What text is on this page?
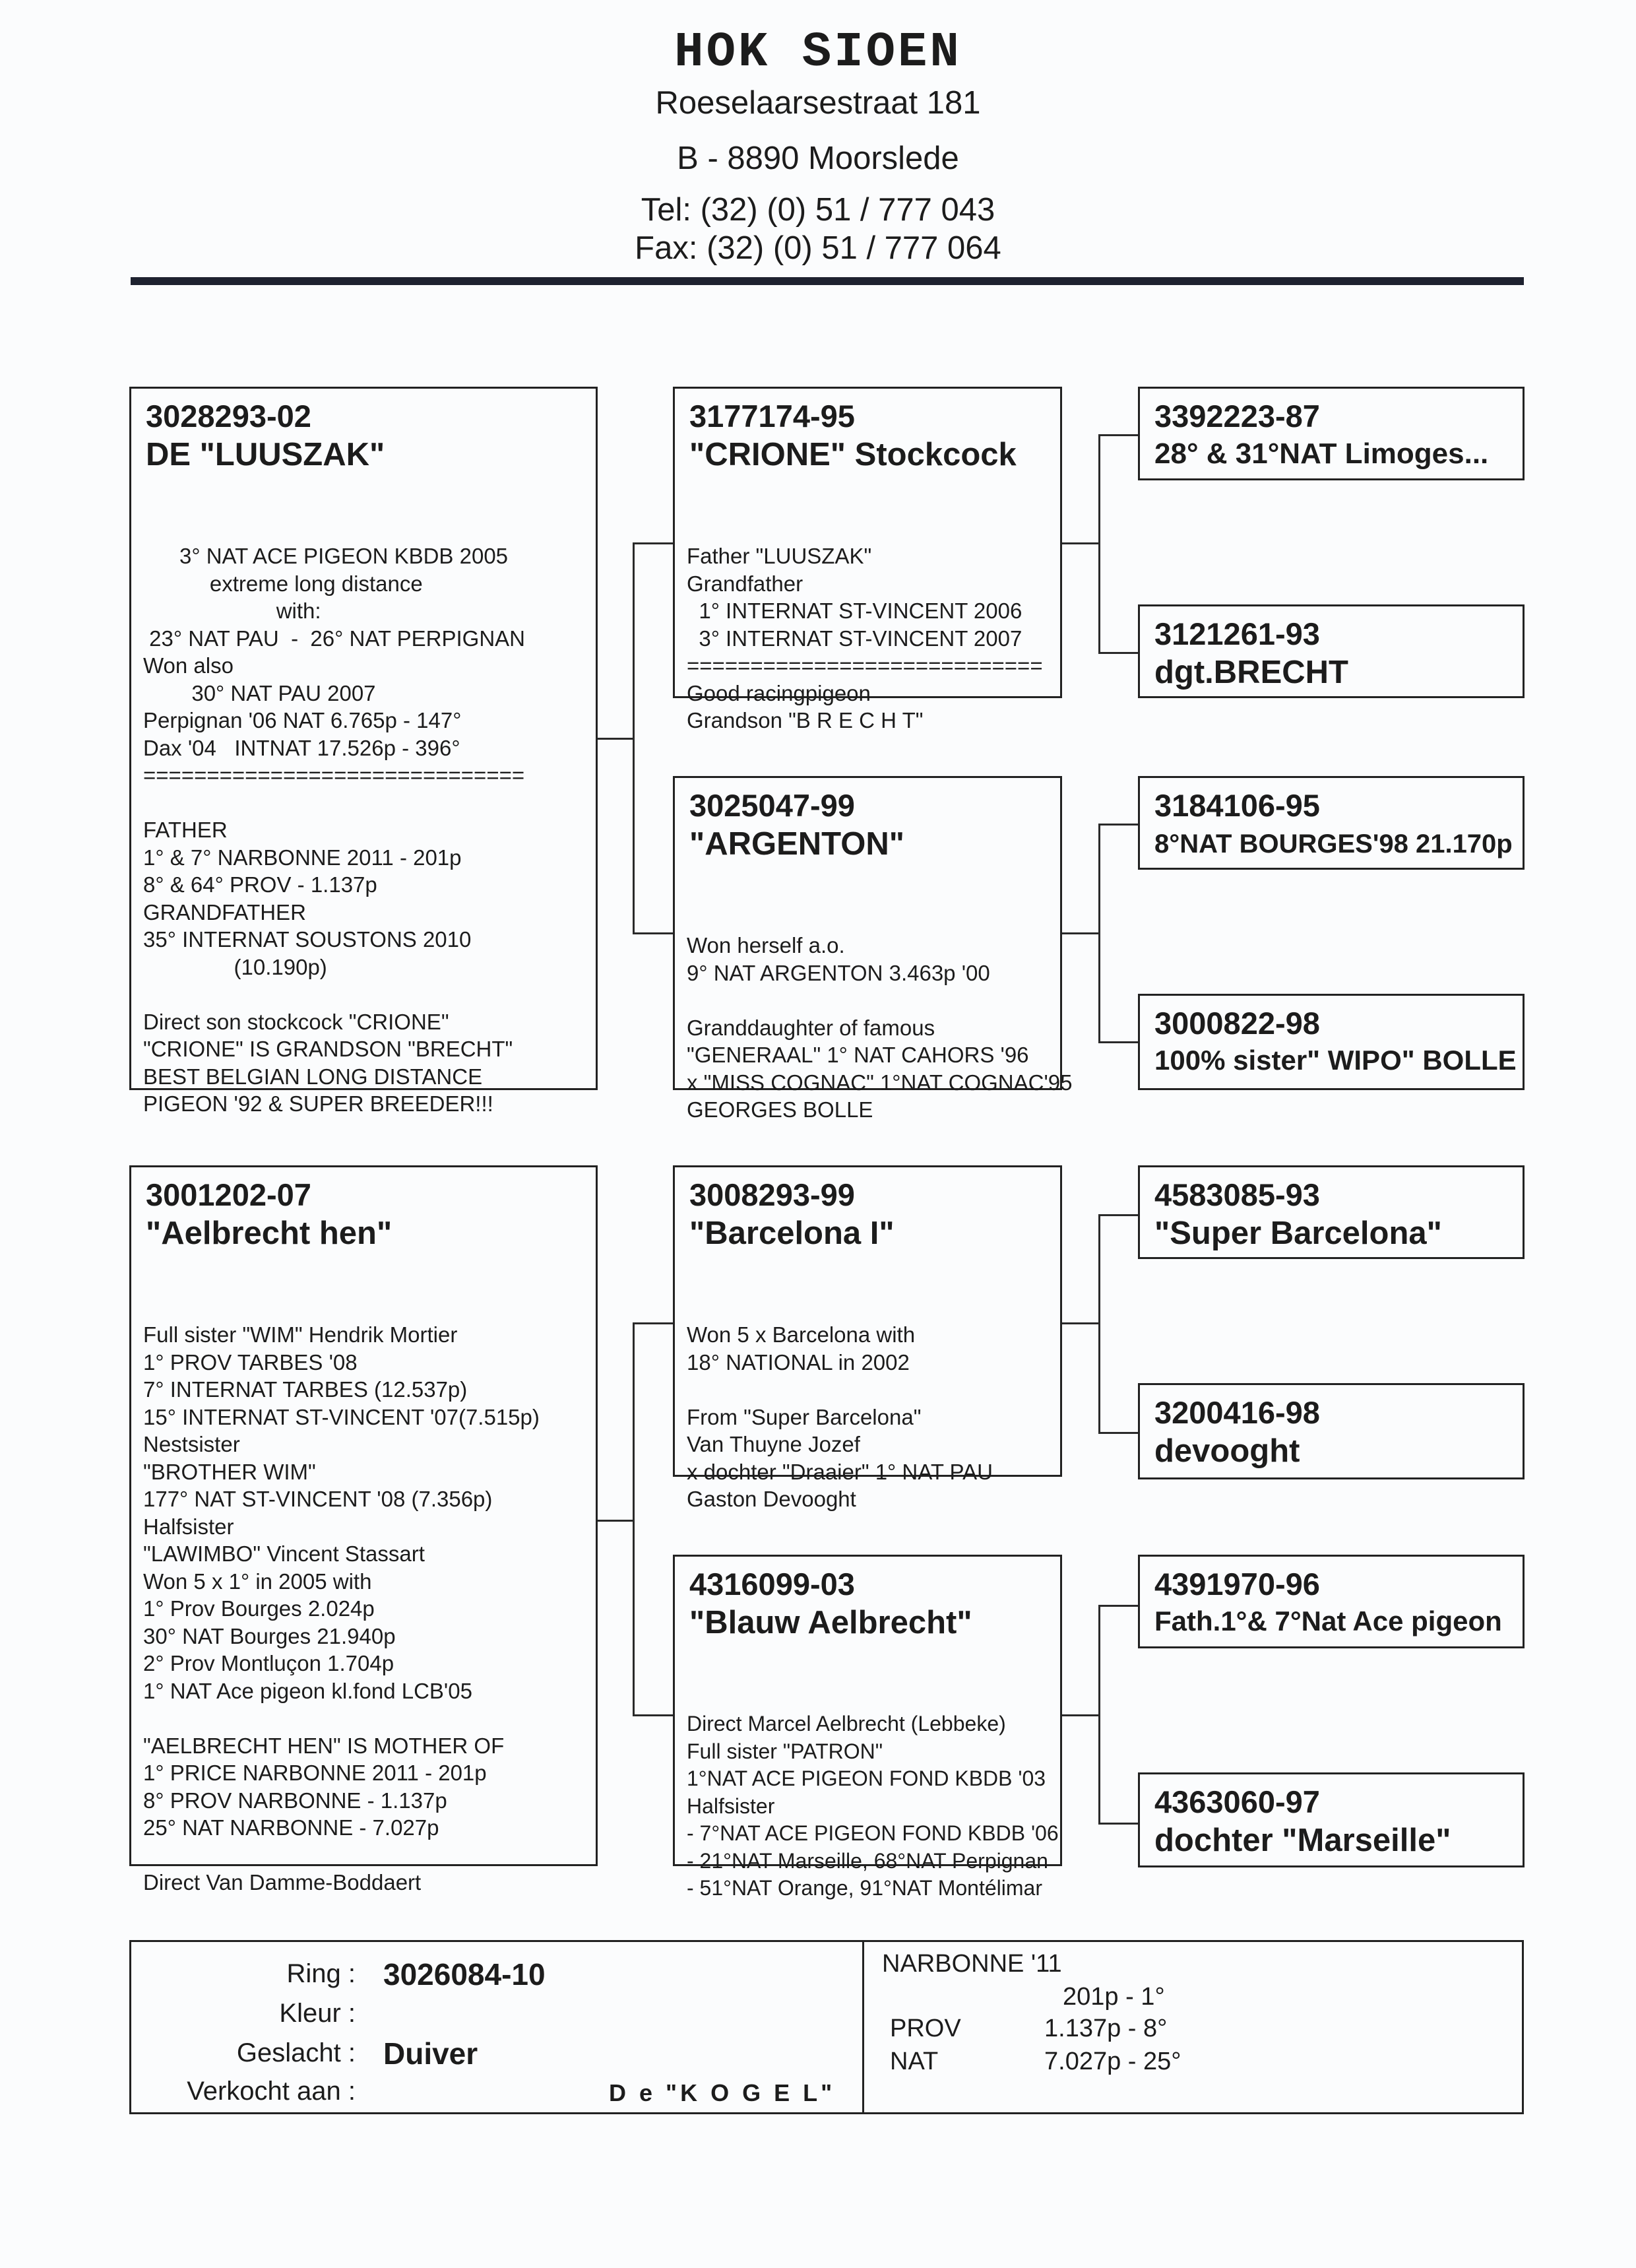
HOK SIOEN
Roeselaarsestraat 181
B - 8890 Moorslede
Tel: (32) (0) 51 / 777 043
Fax: (32) (0) 51 / 777 064
3028293-02
DE "LUUSZAK"

3° NAT ACE PIGEON KBDB 2005
extreme long distance
with:
23° NAT PAU  -  26° NAT PERPIGNAN
Won also
30° NAT PAU 2007
Perpignan '06 NAT 6.765p - 147°
Dax '04   INTNAT 17.526p - 396°
==============================
FATHER
1° & 7° NARBONNE 2011 - 201p
8° & 64° PROV - 1.137p
GRANDFATHER
35° INTERNAT SOUSTONS 2010
(10.190p)
Direct son stockcock "CRIONE"
"CRIONE" IS GRANDSON "BRECHT"
BEST BELGIAN LONG DISTANCE
PIGEON '92 & SUPER BREEDER!!!

3177174-95
"CRIONE" Stockcock

Father "LUUSZAK"
Grandfather
1° INTERNAT ST-VINCENT 2006
3° INTERNAT ST-VINCENT 2007
============================
Good racingpigeon
Grandson "B R E C H T"

3025047-99
"ARGENTON"

Won herself a.o.
9° NAT ARGENTON 3.463p '00
Granddaughter of famous
"GENERAAL" 1° NAT CAHORS '96
x "MISS COGNAC" 1°NAT COGNAC'95
GEORGES BOLLE

3392223-87
28° & 31°NAT Limoges...
3121261-93
dgt.BRECHT
3184106-95
8°NAT BOURGES'98 21.170p
3000822-98
100% sister" WIPO" BOLLE
3001202-07
"Aelbrecht hen"

Full sister "WIM" Hendrik Mortier
1° PROV TARBES '08
7° INTERNAT TARBES (12.537p)
15° INTERNAT ST-VINCENT '07(7.515p)
Nestsister
"BROTHER WIM"
177° NAT ST-VINCENT '08 (7.356p)
Halfsister
"LAWIMBO" Vincent Stassart
Won 5 x 1° in 2005 with
1° Prov Bourges 2.024p
30° NAT Bourges 21.940p
2° Prov Montluçon 1.704p
1° NAT Ace pigeon kl.fond LCB'05
"AELBRECHT HEN" IS MOTHER OF
1° PRICE NARBONNE 2011 - 201p
8° PROV NARBONNE - 1.137p
25° NAT NARBONNE - 7.027p
Direct Van Damme-Boddaert

3008293-99
"Barcelona I"

Won 5 x Barcelona with
18° NATIONAL in 2002
From "Super Barcelona"
Van Thuyne Jozef
x dochter "Draaier" 1° NAT PAU
Gaston Devooght

4316099-03
"Blauw Aelbrecht"

Direct Marcel Aelbrecht (Lebbeke)
Full sister "PATRON"
1°NAT ACE PIGEON FOND KBDB '03
Halfsister
- 7°NAT ACE PIGEON FOND KBDB '06
- 21°NAT Marseille, 68°NAT Perpignan
- 51°NAT Orange, 91°NAT Montélimar

4583085-93
"Super Barcelona"
3200416-98
devooght
4391970-96
Fath.1°& 7°Nat Ace pigeon
4363060-97
dochter "Marseille"
Ring : 3026084-10
Kleur :
Geslacht : Duiver
Verkocht aan :	D e "K O G E L"
NARBONNE '11
201p - 1°
PROV	1.137p - 8°
NAT	7.027p - 25°
